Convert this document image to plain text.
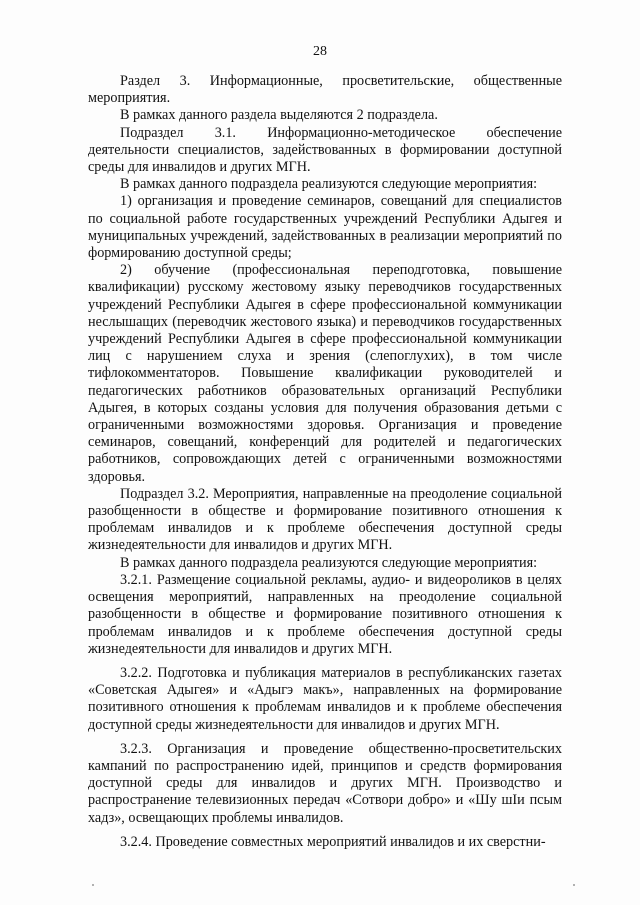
28

Раздел 3. Информационные, просветительские, общественные мероприятия.

В рамках данного раздела выделяются 2 подраздела.

Подраздел 3.1. Информационно-методическое обеспечение деятельности специалистов, задействованных в формировании доступной среды для инвалидов и других МГН.

В рамках данного подраздела реализуются следующие мероприятия:

1) организация и проведение семинаров, совещаний для специалистов по социальной работе государственных учреждений Республики Адыгея и муниципальных учреждений, задействованных в реализации мероприятий по формированию доступной среды;

2) обучение (профессиональная переподготовка, повышение квалификации) русскому жестовому языку переводчиков государственных учреждений Республики Адыгея в сфере профессиональной коммуникации неслышащих (переводчик жестового языка) и переводчиков государственных учреждений Республики Адыгея в сфере профессиональной коммуникации лиц с нарушением слуха и зрения (слепоглухих), в том числе тифлокомментаторов. Повышение квалификации руководителей и педагогических работников образовательных организаций Республики Адыгея, в которых созданы условия для получения образования детьми с ограниченными возможностями здоровья. Организация и проведение семинаров, совещаний, конференций для родителей и педагогических работников, сопровождающих детей с ограниченными возможностями здоровья.

Подраздел 3.2. Мероприятия, направленные на преодоление социальной разобщенности в обществе и формирование позитивного отношения к проблемам инвалидов и к проблеме обеспечения доступной среды жизнедеятельности для инвалидов и других МГН.

В рамках данного подраздела реализуются следующие мероприятия:

3.2.1. Размещение социальной рекламы, аудио- и видеороликов в целях освещения мероприятий, направленных на преодоление социальной разобщенности в обществе и формирование позитивного отношения к проблемам инвалидов и к проблеме обеспечения доступной среды жизнедеятельности для инвалидов и других МГН.

3.2.2. Подготовка и публикация материалов в республиканских газетах «Советская Адыгея» и «Адыгэ макъ», направленных на формирование позитивного отношения к проблемам инвалидов и к проблеме обеспечения доступной среды жизнедеятельности для инвалидов и других МГН.

3.2.3. Организация и проведение общественно-просветительских кампаний по распространению идей, принципов и средств формирования доступной среды для инвалидов и других МГН. Производство и распространение телевизионных передач «Сотвори добро» и «Шу шIи псым хадз», освещающих проблемы инвалидов.

3.2.4. Проведение совместных мероприятий инвалидов и их сверстни-
